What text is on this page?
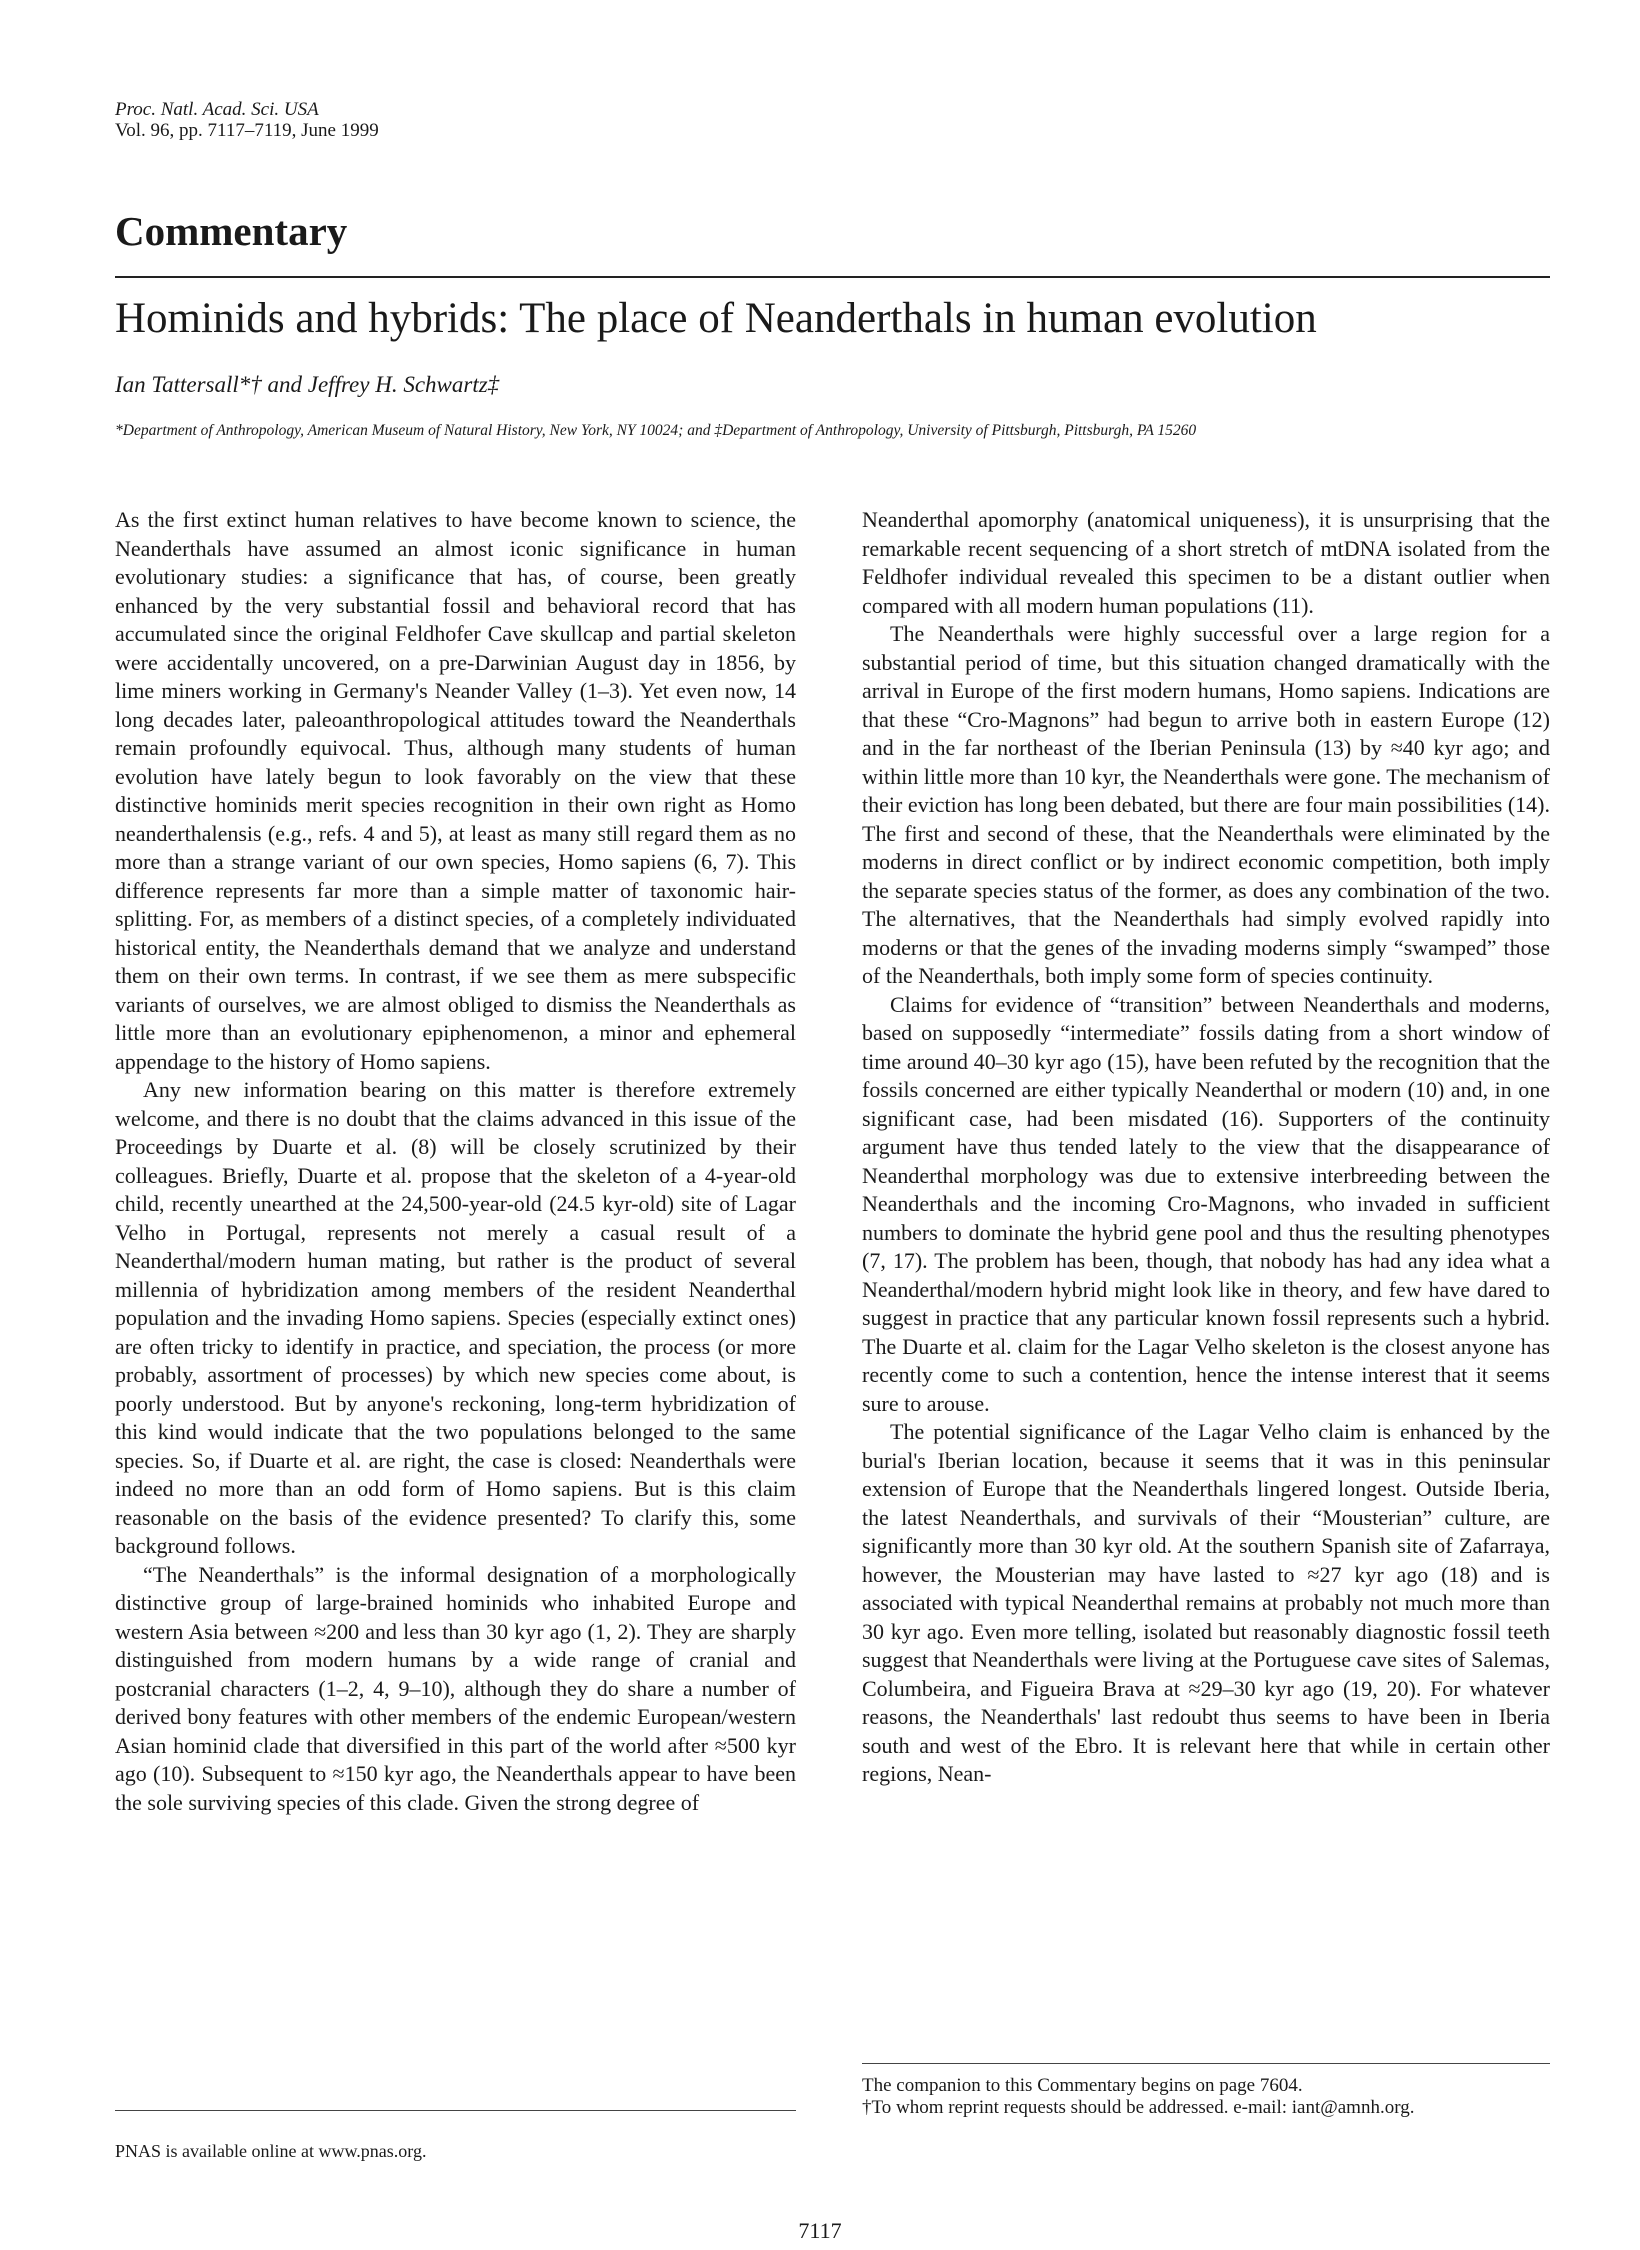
Proc. Natl. Acad. Sci. USA
Vol. 96, pp. 7117–7119, June 1999
Commentary
Hominids and hybrids: The place of Neanderthals in human evolution
Ian Tattersall*† and Jeffrey H. Schwartz‡
*Department of Anthropology, American Museum of Natural History, New York, NY 10024; and ‡Department of Anthropology, University of Pittsburgh, Pittsburgh, PA 15260

As the first extinct human relatives to have become known to science, the Neanderthals have assumed an almost iconic significance in human evolutionary studies: a significance that has, of course, been greatly enhanced by the very substantial fossil and behavioral record that has accumulated since the original Feldhofer Cave skullcap and partial skeleton were accidentally uncovered, on a pre-Darwinian August day in 1856, by lime miners working in Germany's Neander Valley (1–3). Yet even now, 14 long decades later, paleoanthropological attitudes toward the Neanderthals remain profoundly equivocal. Thus, although many students of human evolution have lately begun to look favorably on the view that these distinctive hominids merit species recognition in their own right as Homo neanderthalensis (e.g., refs. 4 and 5), at least as many still regard them as no more than a strange variant of our own species, Homo sapiens (6, 7). This difference represents far more than a simple matter of taxonomic hair-splitting. For, as members of a distinct species, of a completely individuated historical entity, the Neanderthals demand that we analyze and understand them on their own terms. In contrast, if we see them as mere subspecific variants of ourselves, we are almost obliged to dismiss the Neanderthals as little more than an evolutionary epiphenomenon, a minor and ephemeral appendage to the history of Homo sapiens.

Any new information bearing on this matter is therefore extremely welcome, and there is no doubt that the claims advanced in this issue of the Proceedings by Duarte et al. (8) will be closely scrutinized by their colleagues. Briefly, Duarte et al. propose that the skeleton of a 4-year-old child, recently unearthed at the 24,500-year-old (24.5 kyr-old) site of Lagar Velho in Portugal, represents not merely a casual result of a Neanderthal/modern human mating, but rather is the product of several millennia of hybridization among members of the resident Neanderthal population and the invading Homo sapiens. Species (especially extinct ones) are often tricky to identify in practice, and speciation, the process (or more probably, assortment of processes) by which new species come about, is poorly understood. But by anyone's reckoning, long-term hybridization of this kind would indicate that the two populations belonged to the same species. So, if Duarte et al. are right, the case is closed: Neanderthals were indeed no more than an odd form of Homo sapiens. But is this claim reasonable on the basis of the evidence presented? To clarify this, some background follows.

“The Neanderthals” is the informal designation of a morphologically distinctive group of large-brained hominids who inhabited Europe and western Asia between ≈200 and less than 30 kyr ago (1, 2). They are sharply distinguished from modern humans by a wide range of cranial and postcranial characters (1–2, 4, 9–10), although they do share a number of derived bony features with other members of the endemic European/western Asian hominid clade that diversified in this part of the world after ≈500 kyr ago (10). Subsequent to ≈150 kyr ago, the Neanderthals appear to have been the sole surviving species of this clade. Given the strong degree of

Neanderthal apomorphy (anatomical uniqueness), it is unsurprising that the remarkable recent sequencing of a short stretch of mtDNA isolated from the Feldhofer individual revealed this specimen to be a distant outlier when compared with all modern human populations (11).

The Neanderthals were highly successful over a large region for a substantial period of time, but this situation changed dramatically with the arrival in Europe of the first modern humans, Homo sapiens. Indications are that these “Cro-Magnons” had begun to arrive both in eastern Europe (12) and in the far northeast of the Iberian Peninsula (13) by ≈40 kyr ago; and within little more than 10 kyr, the Neanderthals were gone. The mechanism of their eviction has long been debated, but there are four main possibilities (14). The first and second of these, that the Neanderthals were eliminated by the moderns in direct conflict or by indirect economic competition, both imply the separate species status of the former, as does any combination of the two. The alternatives, that the Neanderthals had simply evolved rapidly into moderns or that the genes of the invading moderns simply “swamped” those of the Neanderthals, both imply some form of species continuity.

Claims for evidence of “transition” between Neanderthals and moderns, based on supposedly “intermediate” fossils dating from a short window of time around 40–30 kyr ago (15), have been refuted by the recognition that the fossils concerned are either typically Neanderthal or modern (10) and, in one significant case, had been misdated (16). Supporters of the continuity argument have thus tended lately to the view that the disappearance of Neanderthal morphology was due to extensive interbreeding between the Neanderthals and the incoming Cro-Magnons, who invaded in sufficient numbers to dominate the hybrid gene pool and thus the resulting phenotypes (7, 17). The problem has been, though, that nobody has had any idea what a Neanderthal/modern hybrid might look like in theory, and few have dared to suggest in practice that any particular known fossil represents such a hybrid. The Duarte et al. claim for the Lagar Velho skeleton is the closest anyone has recently come to such a contention, hence the intense interest that it seems sure to arouse.

The potential significance of the Lagar Velho claim is enhanced by the burial's Iberian location, because it seems that it was in this peninsular extension of Europe that the Neanderthals lingered longest. Outside Iberia, the latest Neanderthals, and survivals of their “Mousterian” culture, are significantly more than 30 kyr old. At the southern Spanish site of Zafarraya, however, the Mousterian may have lasted to ≈27 kyr ago (18) and is associated with typical Neanderthal remains at probably not much more than 30 kyr ago. Even more telling, isolated but reasonably diagnostic fossil teeth suggest that Neanderthals were living at the Portuguese cave sites of Salemas, Columbeira, and Figueira Brava at ≈29–30 kyr ago (19, 20). For whatever reasons, the Neanderthals' last redoubt thus seems to have been in Iberia south and west of the Ebro. It is relevant here that while in certain other regions, Nean-

PNAS is available online at www.pnas.org.

The companion to this Commentary begins on page 7604.

†To whom reprint requests should be addressed. e-mail: iant@amnh.org.

7117
